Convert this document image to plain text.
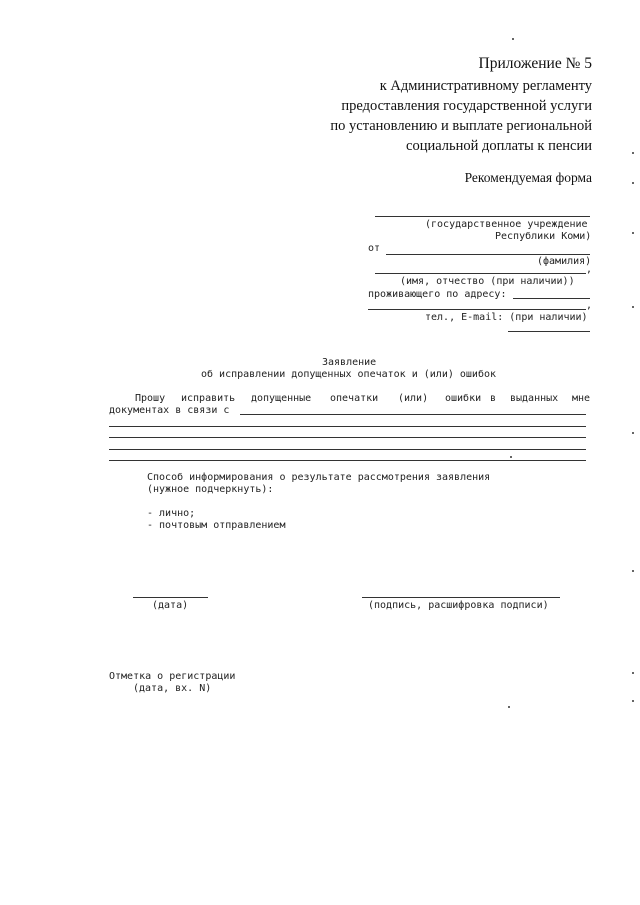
Приложение № 5
к Административному регламенту
предоставления государственной услуги
по установлению и выплате региональной
социальной доплаты к пенсии
Рекомендуемая форма
(государственное учреждение
Республики Коми)
от
(фамилия)
,
(имя, отчество (при наличии))
проживающего по адресу:
,
тел., E-mail: (при наличии)
Заявление
об исправлении допущенных опечаток и (или) ошибок
Прошу исправить допущенные опечатки (или) ошибки в выданных мне
документах в связи с
Способ информирования о результате рассмотрения заявления
(нужное подчеркнуть):
- лично;
- почтовым отправлением
(дата)	(подпись, расшифровка подписи)
Отметка о регистрации
(дата, вх. N)
